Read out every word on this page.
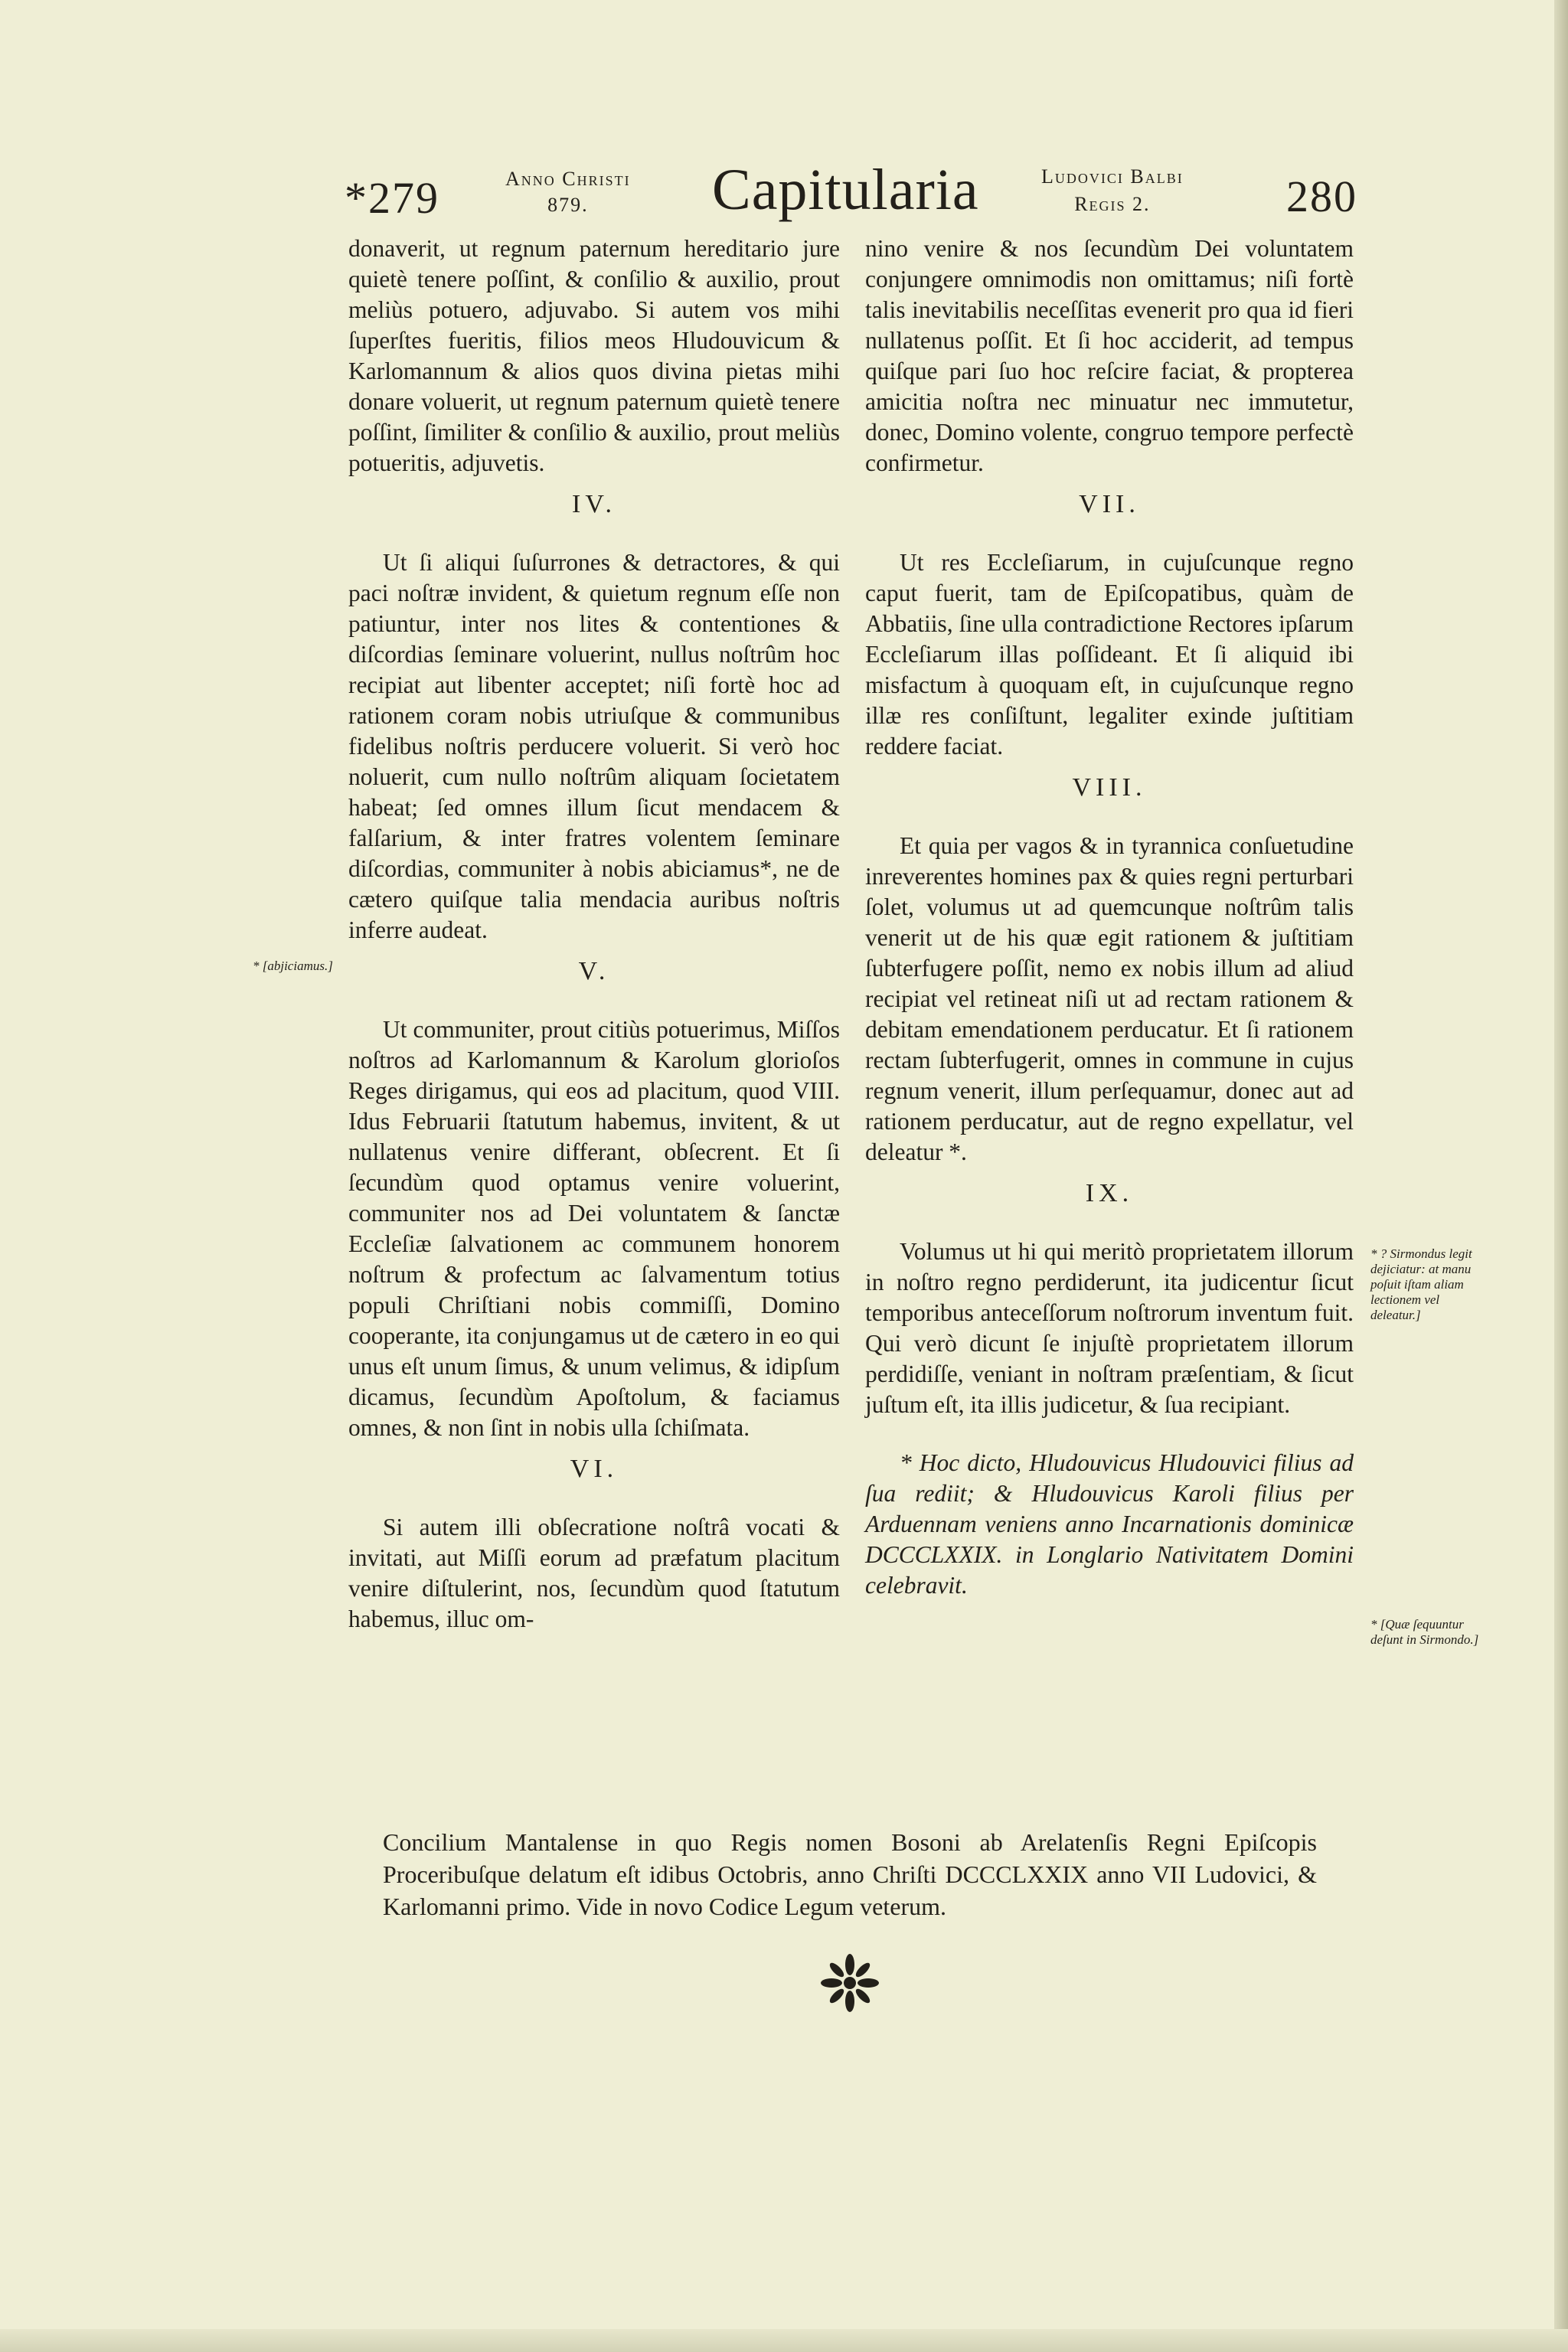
*279	Anno Christi
879.	Capitularia	Ludovici Balbi
Regis 2.	280

donaverit, ut regnum paternum hereditario jure quietè tenere poſſint, & conſilio & auxilio, prout meliùs potuero, adjuvabo. Si autem vos mihi ſuperſtes fueritis, filios meos Hludouvicum & Karlomannum & alios quos divina pietas mihi donare voluerit, ut regnum paternum quietè tenere poſſint, ſimiliter & conſilio & auxilio, prout meliùs potueritis, adjuvetis.

IV.

Ut ſi aliqui ſuſurrones & detractores, & qui paci noſtræ invident, & quietum regnum eſſe non patiuntur, inter nos lites & contentiones & diſcordias ſeminare voluerint, nullus noſtrûm hoc recipiat aut libenter acceptet; niſi fortè hoc ad rationem coram nobis utriuſque & communibus fidelibus noſtris perducere voluerit. Si verò hoc noluerit, cum nullo noſtrûm aliquam ſocietatem habeat; ſed omnes illum ſicut mendacem & falſarium, & inter fratres volentem ſeminare diſcordias, communiter à nobis abiciamus*, ne de cætero quiſque talia mendacia auribus noſtris inferre audeat.

V.

Ut communiter, prout citiùs potuerimus, Miſſos noſtros ad Karlomannum & Karolum glorioſos Reges dirigamus, qui eos ad placitum, quod VIII. Idus Februarii ſtatutum habemus, invitent, & ut nullatenus venire differant, obſecrent. Et ſi ſecundùm quod optamus venire voluerint, communiter nos ad Dei voluntatem & ſanctæ Eccleſiæ ſalvationem ac communem honorem noſtrum & profectum ac ſalvamentum totius populi Chriſtiani nobis commiſſi, Domino cooperante, ita conjungamus ut de cætero in eo qui unus eſt unum ſimus, & unum velimus, & idipſum dicamus, ſecundùm Apoſtolum, & faciamus omnes, & non ſint in nobis ulla ſchiſmata.

VI.

Si autem illi obſecratione noſtrâ vocati & invitati, aut Miſſi eorum ad præfatum placitum venire diſtulerint, nos, ſecundùm quod ſtatutum habemus, illuc om-

nino venire & nos ſecundùm Dei voluntatem conjungere omnimodis non omittamus; niſi fortè talis inevitabilis neceſſitas evenerit pro qua id fieri nullatenus poſſit. Et ſi hoc acciderit, ad tempus quiſque pari ſuo hoc reſcire faciat, & propterea amicitia noſtra nec minuatur nec immutetur, donec, Domino volente, congruo tempore perfectè confirmetur.

VII.

Ut res Eccleſiarum, in cujuſcunque regno caput fuerit, tam de Epiſcopatibus, quàm de Abbatiis, ſine ulla contradictione Rectores ipſarum Eccleſiarum illas poſſideant. Et ſi aliquid ibi misfactum à quoquam eſt, in cujuſcunque regno illæ res conſiſtunt, legaliter exinde juſtitiam reddere faciat.

VIII.

Et quia per vagos & in tyrannica conſuetudine inreverentes homines pax & quies regni perturbari ſolet, volumus ut ad quemcunque noſtrûm talis venerit ut de his quæ egit rationem & juſtitiam ſubterfugere poſſit, nemo ex nobis illum ad aliud recipiat vel retineat niſi ut ad rectam rationem & debitam emendationem perducatur. Et ſi rationem rectam ſubterfugerit, omnes in commune in cujus regnum venerit, illum perſequamur, donec aut ad rationem perducatur, aut de regno expellatur, vel deleatur *.

IX.

Volumus ut hi qui meritò proprietatem illorum in noſtro regno perdiderunt, ita judicentur ſicut temporibus anteceſſorum noſtrorum inventum fuit. Qui verò dicunt ſe injuſtè proprietatem illorum perdidiſſe, veniant in noſtram præſentiam, & ſicut juſtum eſt, ita illis judicetur, & ſua recipiant.

* Hoc dicto, Hludouvicus Hludouvici filius ad ſua rediit; & Hludouvicus Karoli filius per Arduennam veniens anno Incarnationis dominicæ DCCCLXXIX. in Longlario Nativitatem Domini celebravit.

* [abjiciamus.]
* ? Sirmondus legit dejiciatur: at manu poſuit iſtam aliam lectionem vel deleatur.]
* [Quæ ſequuntur deſunt in Sirmondo.]
Concilium Mantalense in quo Regis nomen Bosoni ab Arelatenſis Regni Epiſcopis Proceribuſque delatum eſt idibus Octobris, anno Chriſti DCCCLXXIX anno VII Ludovici, & Karlomanni primo. Vide in novo Codice Legum veterum.
